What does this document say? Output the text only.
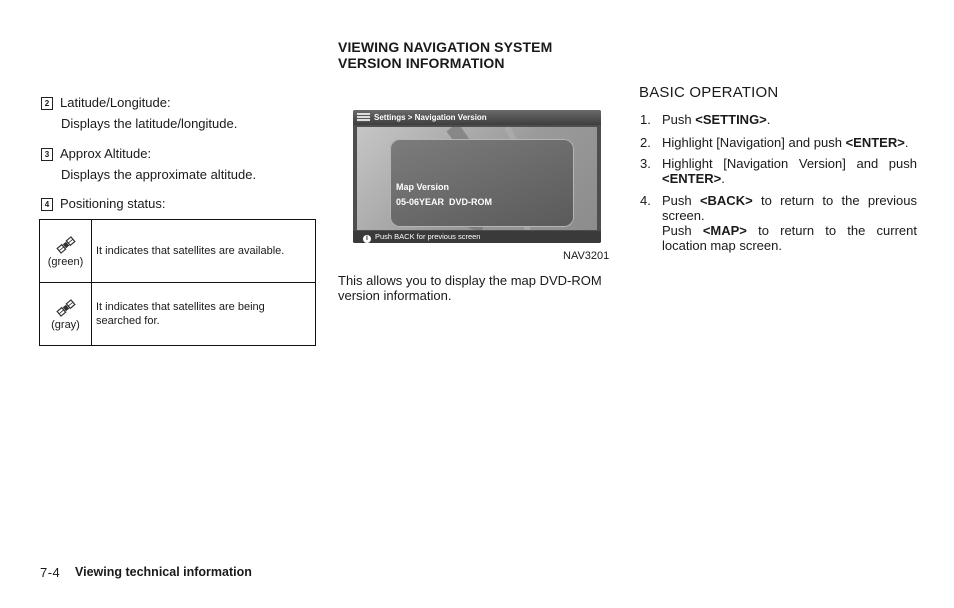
2 Latitude/Longitude:
Displays the latitude/longitude.
3 Approx Altitude:
Displays the approximate altitude.
4 Positioning status:
(green)	It indicates that satellites are available.

(gray)	It indicates that satellites are being
searched for.
VIEWING NAVIGATION SYSTEM
VERSION INFORMATION
Settings > Navigation Version
Map Version
05-06YEAR  DVD-ROM
i Push BACK for previous screen
NAV3201
This allows you to display the map DVD-ROM
version information.
BASIC OPERATION
1. Push <SETTING>.
2. Highlight [Navigation] and push <ENTER>.
3. Highlight [Navigation Version] and push
<ENTER>.
4. Push <BACK> to return to the previous
screen.
Push <MAP> to return to the current
location map screen.
7-4 Viewing technical information
